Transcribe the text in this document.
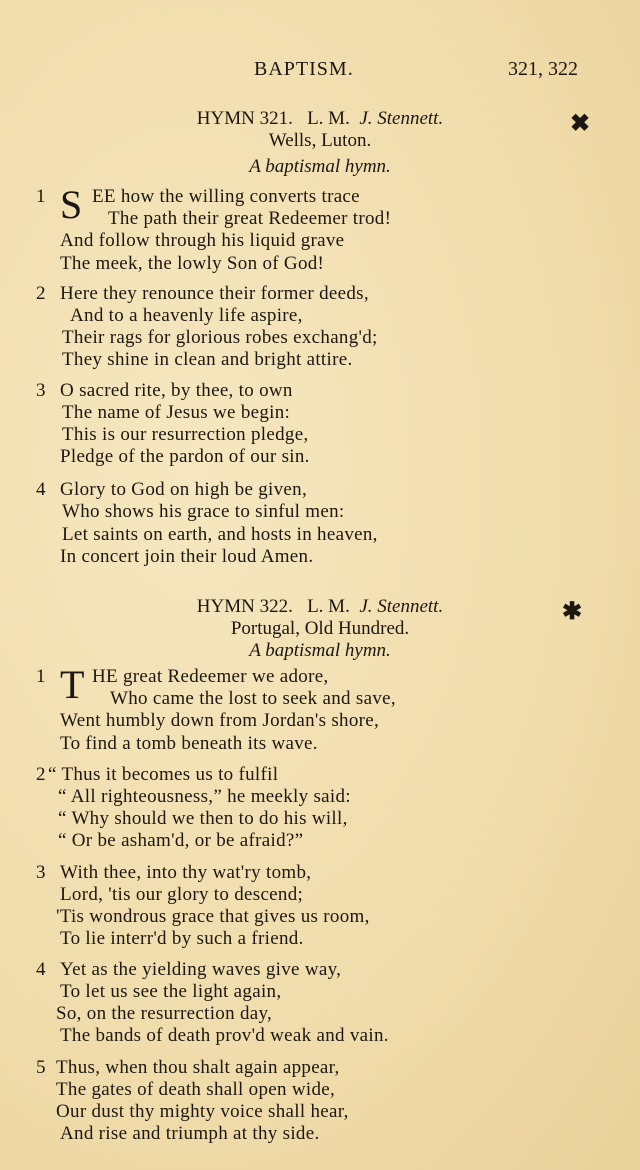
BAPTISM.	321, 322
HYMN 321. L. M. J. Stennett.
Wells, Luton.
A baptismal hymn.
✖
1 S EE how the willing converts trace
The path their great Redeemer trod!
And follow through his liquid grave
The meek, the lowly Son of God!
2 Here they renounce their former deeds,
And to a heavenly life aspire,
Their rags for glorious robes exchang'd;
They shine in clean and bright attire.
3 O sacred rite, by thee, to own
The name of Jesus we begin:
This is our resurrection pledge,
Pledge of the pardon of our sin.
4 Glory to God on high be given,
Who shows his grace to sinful men:
Let saints on earth, and hosts in heaven,
In concert join their loud Amen.
HYMN 322. L. M. J. Stennett.
Portugal, Old Hundred.
A baptismal hymn.
✱
1 T HE great Redeemer we adore,
Who came the lost to seek and save,
Went humbly down from Jordan's shore,
To find a tomb beneath its wave.
2 “ Thus it becomes us to fulfil
“ All righteousness,” he meekly said:
“ Why should we then to do his will,
“ Or be asham'd, or be afraid?”
3 With thee, into thy wat'ry tomb,
Lord, 'tis our glory to descend;
'Tis wondrous grace that gives us room,
To lie interr'd by such a friend.
4 Yet as the yielding waves give way,
To let us see the light again,
So, on the resurrection day,
The bands of death prov'd weak and vain.
5 Thus, when thou shalt again appear,
The gates of death shall open wide,
Our dust thy mighty voice shall hear,
And rise and triumph at thy side.
